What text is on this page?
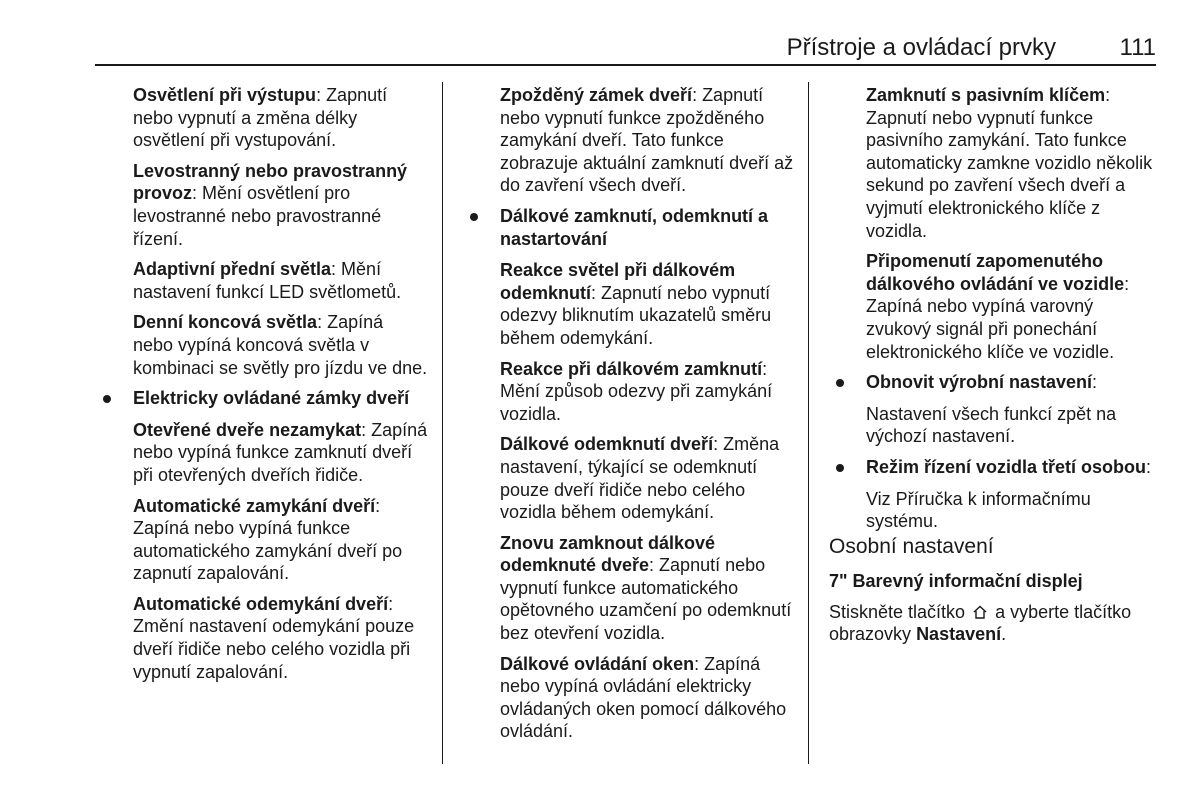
Přístroje a ovládací prvky	111
Osvětlení při výstupu: Zapnutí nebo vypnutí a změna délky osvětlení při vystupování.
Levostranný nebo pravostranný provoz: Mění osvětlení pro levostranné nebo pravostranné řízení.
Adaptivní přední světla: Mění nastavení funkcí LED světlometů.
Denní koncová světla: Zapíná nebo vypíná koncová světla v kombinaci se světly pro jízdu ve dne.
Elektricky ovládané zámky dveří
Otevřené dveře nezamykat: Zapíná nebo vypíná funkce zamknutí dveří při otevřených dveřích řidiče.
Automatické zamykání dveří: Zapíná nebo vypíná funkce automatického zamykání dveří po zapnutí zapalování.
Automatické odemykání dveří: Změní nastavení odemykání pouze dveří řidiče nebo celého vozidla při vypnutí zapalování.
Zpožděný zámek dveří: Zapnutí nebo vypnutí funkce zpožděného zamykání dveří. Tato funkce zobrazuje aktuální zamknutí dveří až do zavření všech dveří.
Dálkové zamknutí, odemknutí a nastartování
Reakce světel při dálkovém odemknutí: Zapnutí nebo vypnutí odezvy bliknutím ukazatelů směru během odemykání.
Reakce při dálkovém zamknutí: Mění způsob odezvy při zamykání vozidla.
Dálkové odemknutí dveří: Změna nastavení, týkající se odemknutí pouze dveří řidiče nebo celého vozidla během odemykání.
Znovu zamknout dálkové odemknuté dveře: Zapnutí nebo vypnutí funkce automatického opětovného uzamčení po odemknutí bez otevření vozidla.
Dálkové ovládání oken: Zapíná nebo vypíná ovládání elektricky ovládaných oken pomocí dálkového ovládání.
Zamknutí s pasivním klíčem: Zapnutí nebo vypnutí funkce pasivního zamykání. Tato funkce automaticky zamkne vozidlo několik sekund po zavření všech dveří a vyjmutí elektronického klíče z vozidla.
Připomenutí zapomenutého dálkového ovládání ve vozidle: Zapíná nebo vypíná varovný zvukový signál při ponechání elektronického klíče ve vozidle.
Obnovit výrobní nastavení:
Nastavení všech funkcí zpět na výchozí nastavení.
Režim řízení vozidla třetí osobou:
Viz Příručka k informačnímu systému.
Osobní nastavení
7" Barevný informační displej
Stiskněte tlačítko a vyberte tlačítko obrazovky Nastavení.
